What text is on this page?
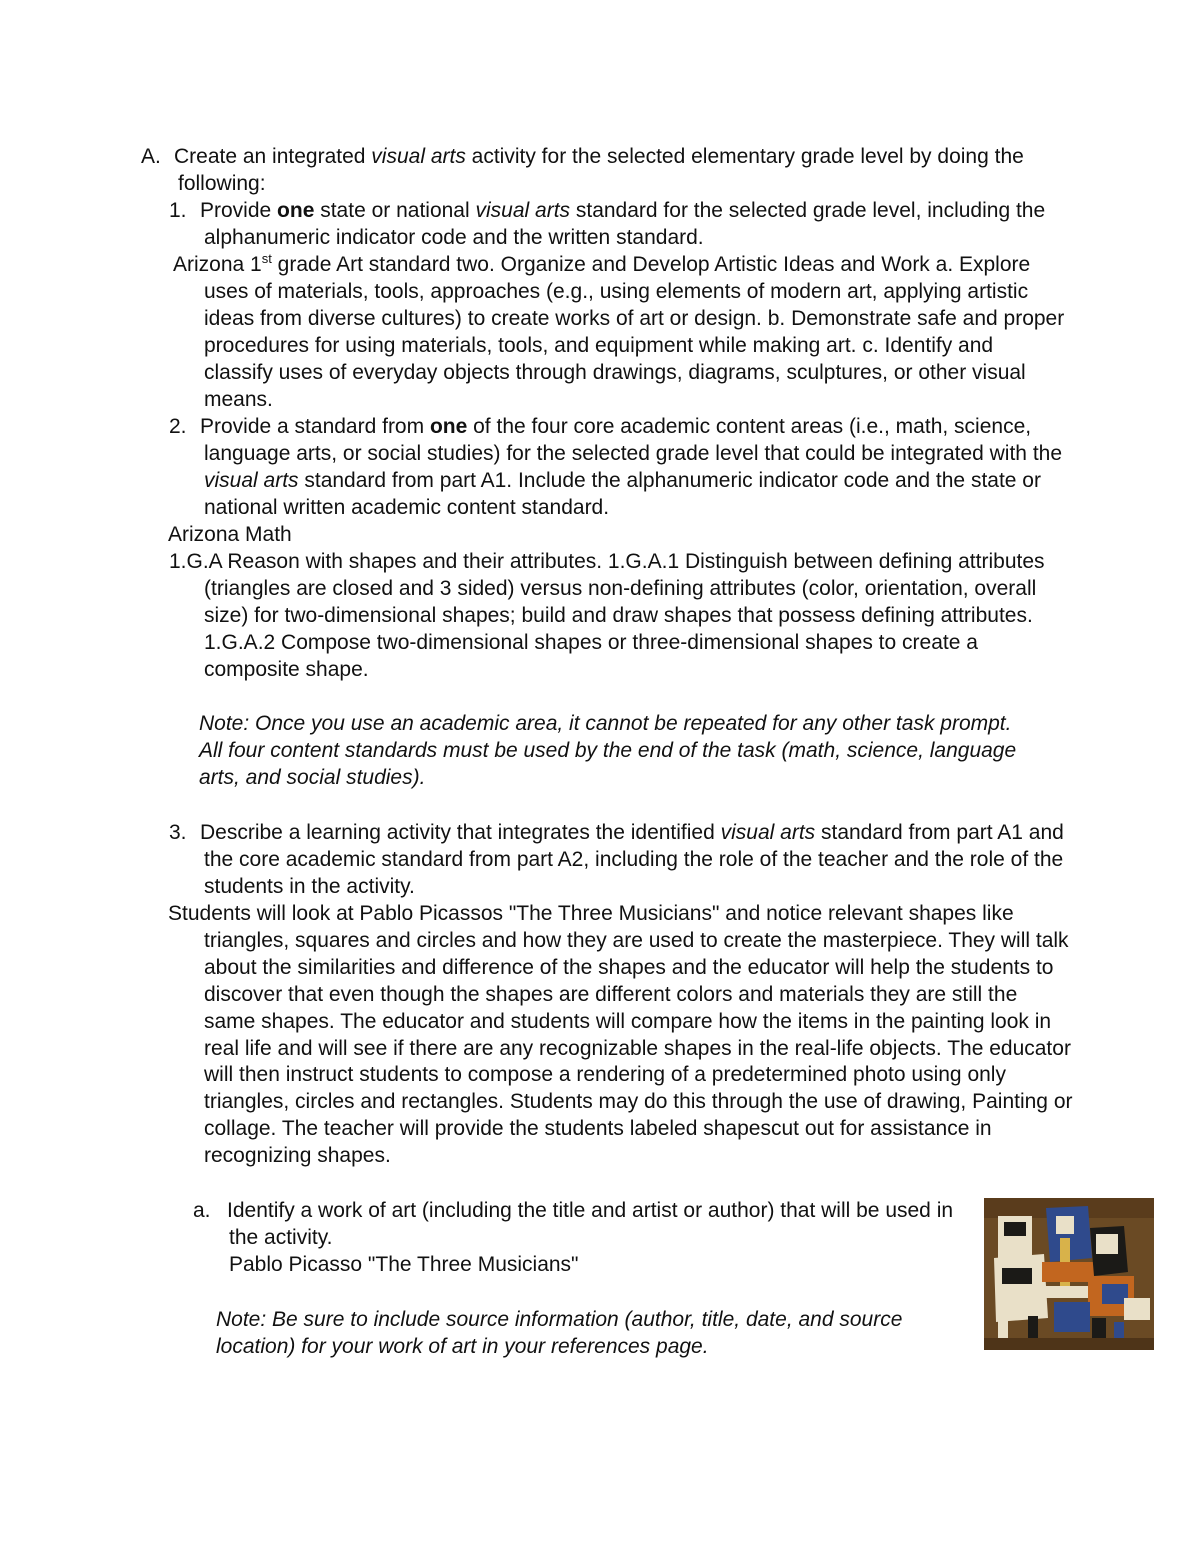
A. Create an integrated visual arts activity for the selected elementary grade level by doing the following:
1. Provide one state or national visual arts standard for the selected grade level, including the alphanumeric indicator code and the written standard.
Arizona 1st grade Art standard two. Organize and Develop Artistic Ideas and Work a. Explore uses of materials, tools, approaches (e.g., using elements of modern art, applying artistic ideas from diverse cultures) to create works of art or design. b. Demonstrate safe and proper procedures for using materials, tools, and equipment while making art. c. Identify and classify uses of everyday objects through drawings, diagrams, sculptures, or other visual means.
2. Provide a standard from one of the four core academic content areas (i.e., math, science, language arts, or social studies) for the selected grade level that could be integrated with the visual arts standard from part A1. Include the alphanumeric indicator code and the state or national written academic content standard.
Arizona Math
1.G.A Reason with shapes and their attributes. 1.G.A.1 Distinguish between defining attributes (triangles are closed and 3 sided) versus non-defining attributes (color, orientation, overall size) for two-dimensional shapes; build and draw shapes that possess defining attributes. 1.G.A.2 Compose two-dimensional shapes or three-dimensional shapes to create a composite shape.
Note: Once you use an academic area, it cannot be repeated for any other task prompt. All four content standards must be used by the end of the task (math, science, language arts, and social studies).
3. Describe a learning activity that integrates the identified visual arts standard from part A1 and the core academic standard from part A2, including the role of the teacher and the role of the students in the activity.
Students will look at Pablo Picassos "The Three Musicians" and notice relevant shapes like triangles, squares and circles and how they are used to create the masterpiece. They will talk about the similarities and difference of the shapes and the educator will help the students to discover that even though the shapes are different colors and materials they are still the same shapes. The educator and students will compare how the items in the painting look in real life and will see if there are any recognizable shapes in the real-life objects. The educator will then instruct students to compose a rendering of a predetermined photo using only triangles, circles and rectangles. Students may do this through the use of drawing, Painting or collage. The teacher will provide the students labeled shapescut out for assistance in recognizing shapes.
a. Identify a work of art (including the title and artist or author) that will be used in the activity.
Pablo Picasso "The Three Musicians"
Note: Be sure to include source information (author, title, date, and source location) for your work of art in your references page.
